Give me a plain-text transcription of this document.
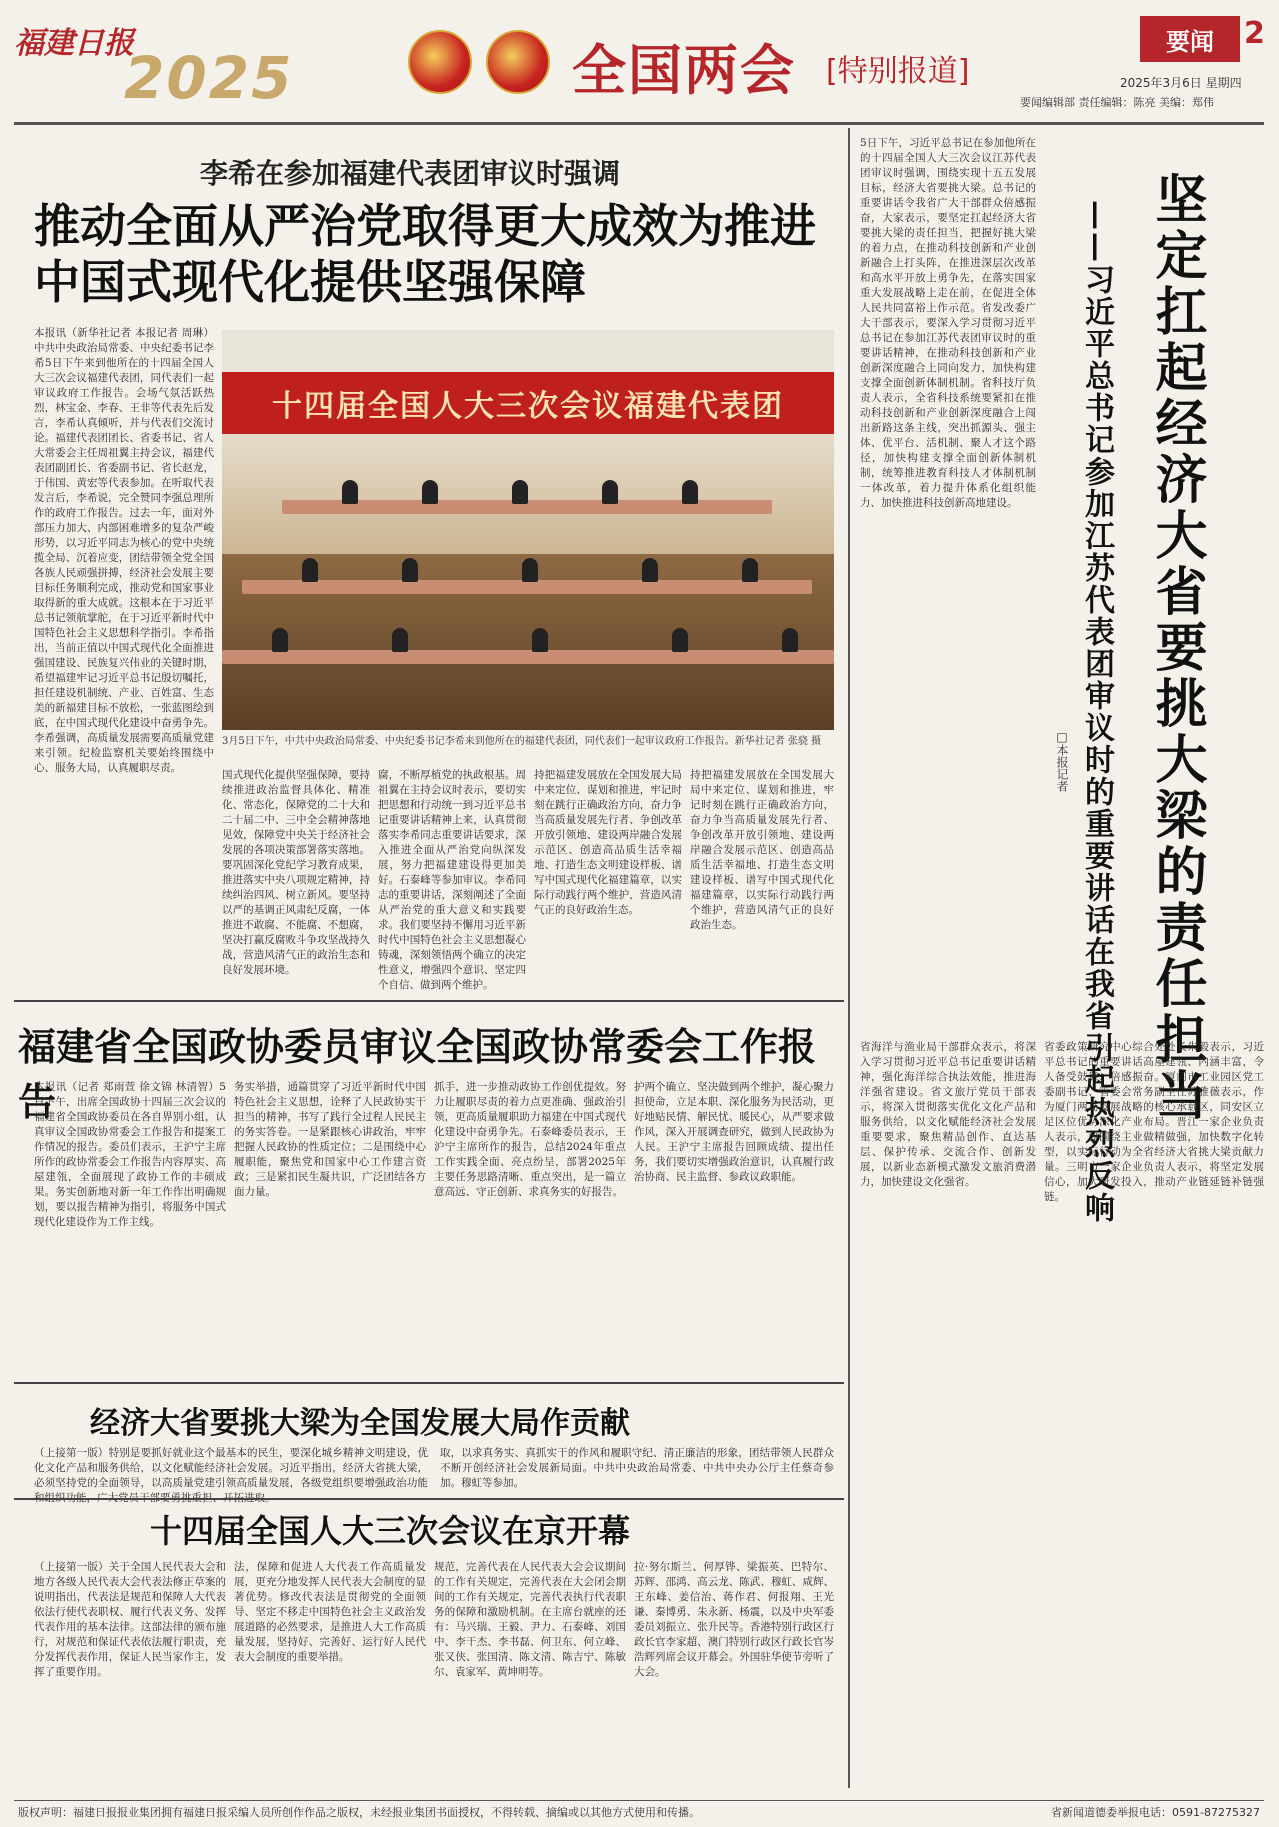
福建日报
2025	全国两会 [特别报道]
要闻	2
2025年3月6日 星期四
要闻编辑部 责任编辑：陈亮 美编：郑伟
李希在参加福建代表团审议时强调
推动全面从严治党取得更大成效为推进中国式现代化提供坚强保障
本报讯（新华社记者 本报记者 周琳）中共中央政治局常委、中央纪委书记李希5日下午来到他所在的十四届全国人大三次会议福建代表团，同代表们一起审议政府工作报告。会场气氛活跃热烈，林宝金、李春、王非等代表先后发言，李希认真倾听，并与代表们交流讨论。福建代表团团长、省委书记、省人大常委会主任周祖翼主持会议，福建代表团副团长、省委副书记、省长赵龙，于伟国、黄宏等代表参加。在听取代表发言后，李希说，完全赞同李强总理所作的政府工作报告。过去一年，面对外部压力加大、内部困难增多的复杂严峻形势，以习近平同志为核心的党中央统揽全局、沉着应变，团结带领全党全国各族人民顽强拼搏，经济社会发展主要目标任务顺利完成，推动党和国家事业取得新的重大成就。这根本在于习近平总书记领航掌舵，在于习近平新时代中国特色社会主义思想科学指引。李希指出，当前正值以中国式现代化全面推进强国建设、民族复兴伟业的关键时期，希望福建牢记习近平总书记殷切嘱托，担任建设机制统、产业、百姓富、生态美的新福建目标不放松，一张蓝图绘到底，在中国式现代化建设中奋勇争先。李希强调，高质量发展需要高质量党建来引领。纪检监察机关要始终围绕中心、服务大局，认真履职尽责。
十四届全国人大三次会议福建代表团
3月5日下午，中共中央政治局常委、中央纪委书记李希来到他所在的福建代表团，同代表们一起审议政府工作报告。新华社记者 张骁 摄
国式现代化提供坚强保障，要持续推进政治监督具体化、精准化、常态化，保障党的二十大和二十届二中、三中全会精神落地见效，保障党中央关于经济社会发展的各项决策部署落实落地。要巩固深化党纪学习教育成果，推进落实中央八项规定精神，持续纠治四风、树立新风。要坚持以严的基调正风肃纪反腐，一体推进不敢腐、不能腐、不想腐，坚决打赢反腐败斗争攻坚战持久战，营造风清气正的政治生态和良好发展环境。
腐，不断厚植党的执政根基。周祖翼在主持会议时表示，要切实把思想和行动统一到习近平总书记重要讲话精神上来，认真贯彻落实李希同志重要讲话要求，深入推进全面从严治党向纵深发展，努力把福建建设得更加美好。石泰峰等参加审议。李希同志的重要讲话，深刻阐述了全面从严治党的重大意义和实践要求。我们要坚持不懈用习近平新时代中国特色社会主义思想凝心铸魂，深刻领悟两个确立的决定性意义，增强四个意识、坚定四个自信、做到两个维护。
持把福建发展放在全国发展大局中来定位、谋划和推进，牢记时刻在跳行正确政治方向，奋力争当高质量发展先行者、争创改革开放引领地、建设两岸融合发展示范区、创造高品质生活幸福地、打造生态文明建设样板、谱写中国式现代化福建篇章，以实际行动践行两个维护，营造风清气正的良好政治生态。
持把福建发展放在全国发展大局中来定位、谋划和推进，牢记时刻在跳行正确政治方向，奋力争当高质量发展先行者、争创改革开放引领地、建设两岸融合发展示范区、创造高品质生活幸福地、打造生态文明建设样板、谱写中国式现代化福建篇章，以实际行动践行两个维护，营造风清气正的良好政治生态。
福建省全国政协委员审议全国政协常委会工作报告
本报讯（记者 郑雨萱 徐文锦 林清智）5日下午，出席全国政协十四届三次会议的福建省全国政协委员在各自界别小组，认真审议全国政协常委会工作报告和提案工作情况的报告。委员们表示，王沪宁主席所作的政协常委会工作报告内容厚实、高屋建瓴，全面展现了政协工作的丰硕成果。务实创新地对新一年工作作出明确规划，要以报告精神为指引，将服务中国式现代化建设作为工作主线。
务实举措，通篇贯穿了习近平新时代中国特色社会主义思想，诠释了人民政协实干担当的精神，书写了践行全过程人民民主的务实答卷。一是紧跟核心讲政治，牢牢把握人民政协的性质定位；二是围绕中心履职能，聚焦党和国家中心工作建言资政；三是紧扣民生凝共识，广泛团结各方面力量。
抓手，进一步推动政协工作创优提效。努力让履职尽责的着力点更准确、强政治引领，更高质量履职助力福建在中国式现代化建设中奋勇争先。石泰峰委员表示，王沪宁主席所作的报告，总结2024年重点工作实践全面、亮点纷呈，部署2025年主要任务思路清晰、重点突出，是一篇立意高远、守正创新、求真务实的好报告。
护两个确立、坚决做到两个维护，凝心聚力担使命，立足本职、深化服务为民活动，更好地贴民情、解民忧、暖民心，从严要求做作风，深入开展调查研究，做到人民政协为人民。王沪宁主席报告回顾成绩、提出任务，我们要切实增强政治意识，认真履行政治协商、民主监督、参政议政职能。
经济大省要挑大梁为全国发展大局作贡献
（上接第一版）特别是要抓好就业这个最基本的民生，要深化城乡精神文明建设，优化文化产品和服务供给，以文化赋能经济社会发展。习近平指出，经济大省挑大梁，必须坚持党的全面领导，以高质量党建引领高质量发展，各级党组织要增强政治功能
取，以求真务实、真抓实干的作风和履职守纪、清正廉洁的形象，团结带领人民群众不断开创经济社会发展新局面。中共中央政治局常委、中共中央办公厅主任蔡奇参加。穆虹等参加。
十四届全国人大三次会议在京开幕
（上接第一版）关于全国人民代表大会和地方各级人民代表大会代表法修正草案的说明指出，代表法是规范和保障人大代表依法行使代表职权、履行代表义务、发挥代表作用的基本法律。这部法律的颁布施行，对规范和保证代表依法履行职责，充分发挥代表作用，保证人民当家作主，发挥了重要作用。
法，保障和促进人大代表工作高质量发展，更充分地发挥人民代表大会制度的显著优势。修改代表法是贯彻党的全面领导、坚定不移走中国特色社会主义政治发展道路的必然要求，是推进人大工作高质量发展，坚持好、完善好、运行好人民代表大会制度的重要举措。
规范，完善代表在人民代表大会会议期间的工作有关规定，完善代表在大会闭会期间的工作有关规定，完善代表执行代表职务的保障和激励机制。在主席台就座的还有：马兴瑞、王毅、尹力、石泰峰、刘国中、李干杰、李书磊、何卫东、何立峰、张又侠、张国清、陈文清、陈吉宁、陈敏尔、袁家军、黄坤明等。
拉·努尔斯兰、何厚铧、梁振英、巴特尔、苏辉、邵鸿、高云龙、陈武、穆虹、咸辉、王东峰、姜信治、蒋作君、何报翔、王光谦、秦博勇、朱永新、杨震，以及中央军委委员刘振立、张升民等。香港特别行政区行政长官李家超、澳门特别行政区行政长官岑浩辉列席会议开幕会。外国驻华使节旁听了大会。
坚定扛起经济大省要挑大梁的责任担当
——习近平总书记参加江苏代表团审议时的重要讲话在我省引起热烈反响
□本报记者
5日下午，习近平总书记在参加他所在的十四届全国人大三次会议江苏代表团审议时强调，围绕实现十五五发展目标，经济大省要挑大梁。总书记的重要讲话令我省广大干部群众倍感振奋，大家表示，要坚定扛起经济大省要挑大梁的责任担当，把握好挑大梁的着力点，在推动科技创新和产业创新融合上打头阵，在推进深层次改革和高水平开放上勇争先，在落实国家重大发展战略上走在前，在促进全体人民共同富裕上作示范。省发改委广大干部表示，要深入学习贯彻习近平总书记在参加江苏代表团审议时的重要讲话精神，在推动科技创新和产业创新深度融合上同向发力，加快构建支撑全面创新体制机制。省科技厅负责人表示，全省科技系统要紧扣在推动科技创新和产业创新深度融合上闯出新路这条主线，突出抓源头、强主体、优平台、活机制、聚人才这个路径，加快构建支撑全面创新体制机制，统筹推进教育科技人才体制机制一体改革，着力提升体系化组织能力、加快推进科技创新高地建设。
省海洋与渔业局干部群众表示，将深入学习贯彻习近平总书记重要讲话精神，强化海洋综合执法效能，推进海洋强省建设。省文旅厅党员干部表示，将深入贯彻落实优化文化产品和服务供给，以文化赋能经济社会发展重要要求，聚焦精品创作、直达基层、保护传承、交流合作、创新发展，以新业态新模式激发文旅消费潜力，加快建设文化强省。
省委政策研究中心综合处处长朱毅表示，习近平总书记的重要讲话高屋建瓴、内涵丰富，令人备受鼓舞、倍感振奋。厦门市工业园区党工委副书记、管委会常务副主任苏雅薇表示，作为厦门两岛发展战略的核心承载区，同安区立足区位优势深化产业布局。晋江一家企业负责人表示，要围绕主业做精做强，加快数字化转型，以实际行动为全省经济大省挑大梁贡献力量。三明市一家企业负责人表示，将坚定发展信心，加大研发投入，推动产业链延链补链强链。
版权声明：福建日报报业集团拥有福建日报采编人员所创作作品之版权，未经报业集团书面授权，不得转载、摘编或以其他方式使用和传播。	省新闻道德委举报电话：0591-87275327
